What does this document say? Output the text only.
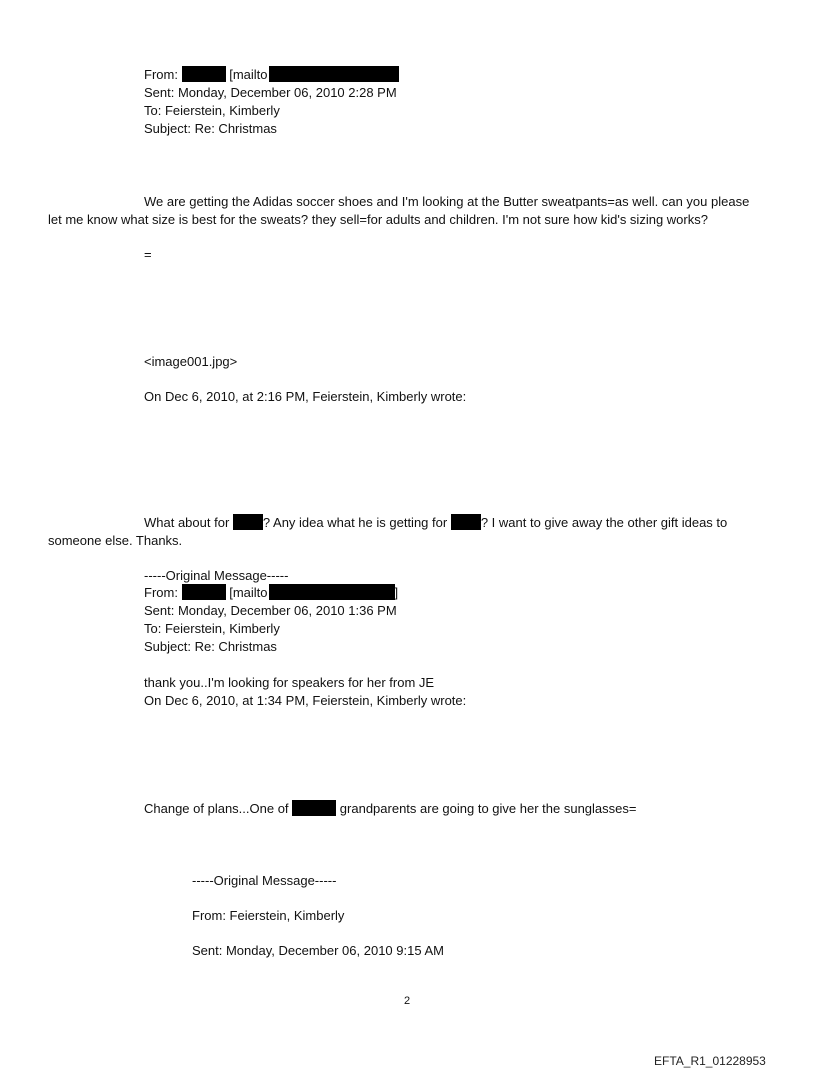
From:	[mailto
Sent: Monday, December 06, 2010 2:28 PM
To: Feierstein, Kimberly
Subject: Re: Christmas
We are getting the Adidas soccer shoes and I'm looking at the Butter sweatpants=as well. can you please
let me know what size is best for the sweats? they sell=for adults and children. I'm not sure how kid's sizing works?
=
<image001.jpg>
On Dec 6, 2010, at 2:16 PM, Feierstein, Kimberly wrote:
What about for	? Any idea what he is getting for	? I want to give away the other gift ideas to
someone else. Thanks.
-----Original Message-----
From:	[mailto	]
Sent: Monday, December 06, 2010 1:36 PM
To: Feierstein, Kimberly
Subject: Re: Christmas
thank you..I'm looking for speakers for her from JE
On Dec 6, 2010, at 1:34 PM, Feierstein, Kimberly wrote:
Change of plans...One of	grandparents are going to give her the sunglasses=
-----Original Message-----
From: Feierstein, Kimberly
Sent: Monday, December 06, 2010 9:15 AM
2
EFTA_R1_01228953
